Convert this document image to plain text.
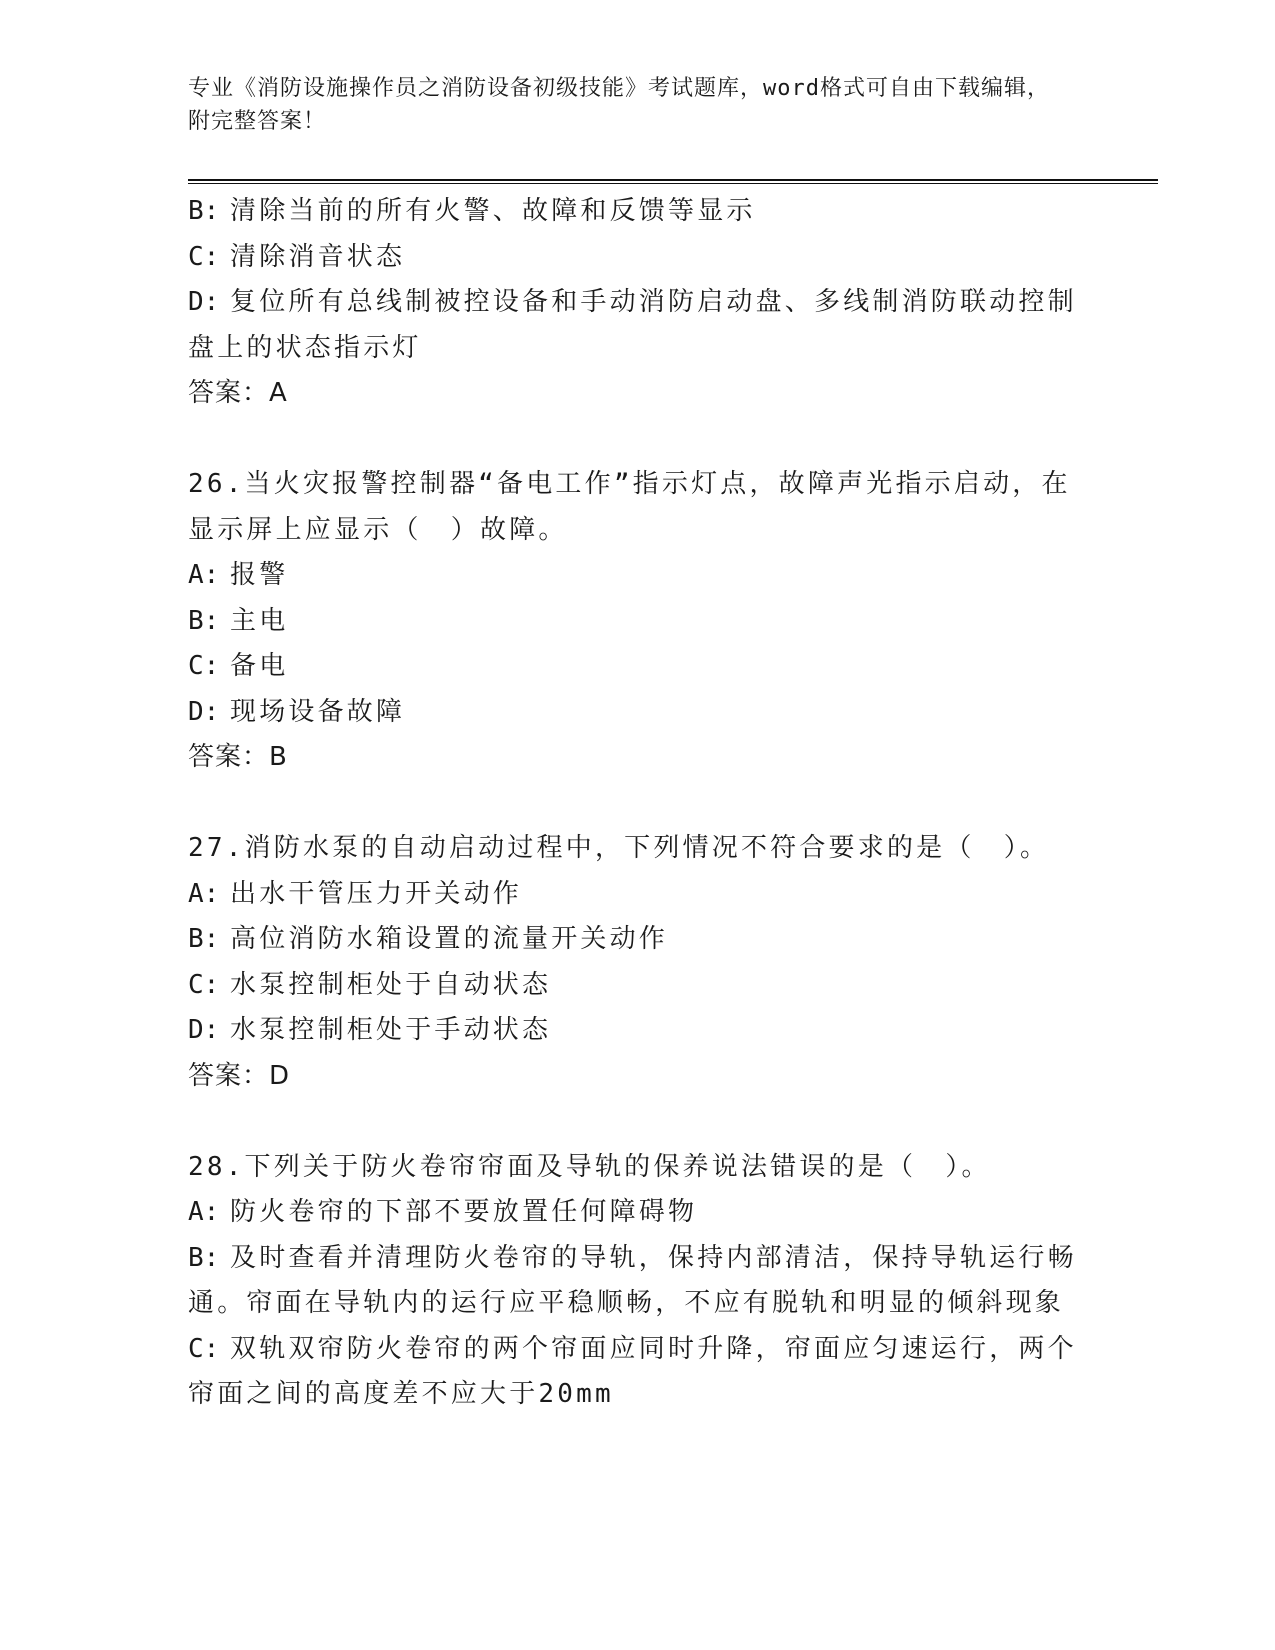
专业《消防设施操作员之消防设备初级技能》考试题库，word格式可自由下载编辑，附完整答案！
B: 清除当前的所有火警、故障和反馈等显示
C: 清除消音状态
D: 复位所有总线制被控设备和手动消防启动盘、多线制消防联动控制盘上的状态指示灯
答案：A
26.当火灾报警控制器“备电工作”指示灯点，故障声光指示启动，在显示屏上应显示（　）故障。
A: 报警
B: 主电
C: 备电
D: 现场设备故障
答案：B
27.消防水泵的自动启动过程中，下列情况不符合要求的是（　）。
A: 出水干管压力开关动作
B: 高位消防水箱设置的流量开关动作
C: 水泵控制柜处于自动状态
D: 水泵控制柜处于手动状态
答案：D
28.下列关于防火卷帘帘面及导轨的保养说法错误的是（　）。
A: 防火卷帘的下部不要放置任何障碍物
B: 及时查看并清理防火卷帘的导轨，保持内部清洁，保持导轨运行畅通。帘面在导轨内的运行应平稳顺畅，不应有脱轨和明显的倾斜现象
C: 双轨双帘防火卷帘的两个帘面应同时升降，帘面应匀速运行，两个帘面之间的高度差不应大于20mm
